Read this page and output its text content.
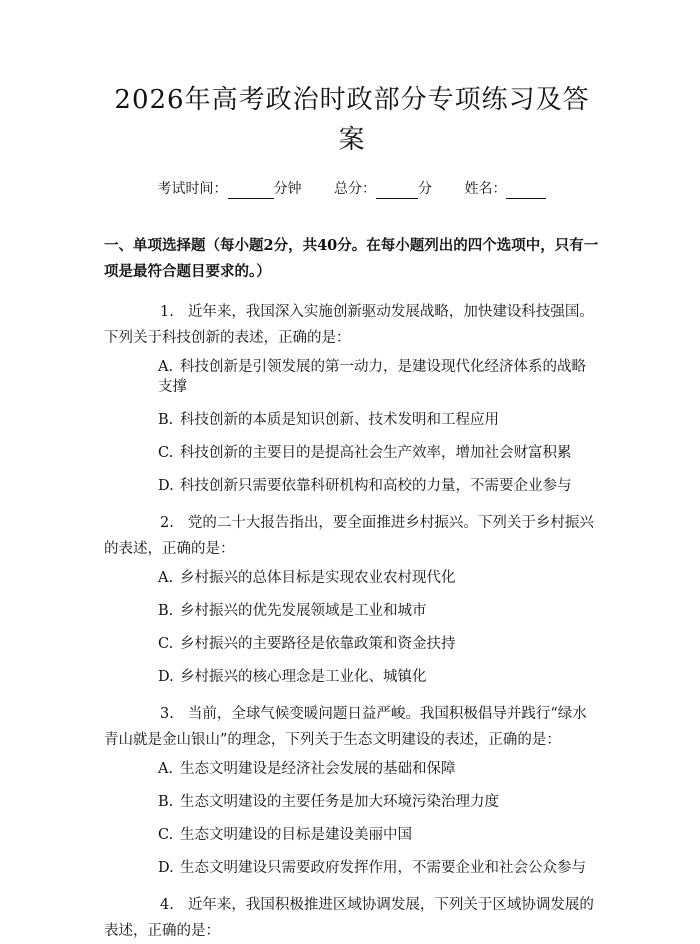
2026年高考政治时政部分专项练习及答案
考试时间：	分钟 总分：	分 姓名：
一、单项选择题（每小题2分，共40分。在每小题列出的四个选项中，只有一项是最符合题目要求的。）
1. 近年来，我国深入实施创新驱动发展战略，加快建设科技强国。下列关于科技创新的表述，正确的是：
A. 科技创新是引领发展的第一动力，是建设现代化经济体系的战略支撑
B. 科技创新的本质是知识创新、技术发明和工程应用
C. 科技创新的主要目的是提高社会生产效率，增加社会财富积累
D. 科技创新只需要依靠科研机构和高校的力量，不需要企业参与
2. 党的二十大报告指出，要全面推进乡村振兴。下列关于乡村振兴的表述，正确的是：
A. 乡村振兴的总体目标是实现农业农村现代化
B. 乡村振兴的优先发展领域是工业和城市
C. 乡村振兴的主要路径是依靠政策和资金扶持
D. 乡村振兴的核心理念是工业化、城镇化
3. 当前，全球气候变暖问题日益严峻。我国积极倡导并践行“绿水青山就是金山银山”的理念，下列关于生态文明建设的表述，正确的是：
A. 生态文明建设是经济社会发展的基础和保障
B. 生态文明建设的主要任务是加大环境污染治理力度
C. 生态文明建设的目标是建设美丽中国
D. 生态文明建设只需要政府发挥作用，不需要企业和社会公众参与
4. 近年来，我国积极推进区域协调发展，下列关于区域协调发展的表述，正确的是：
